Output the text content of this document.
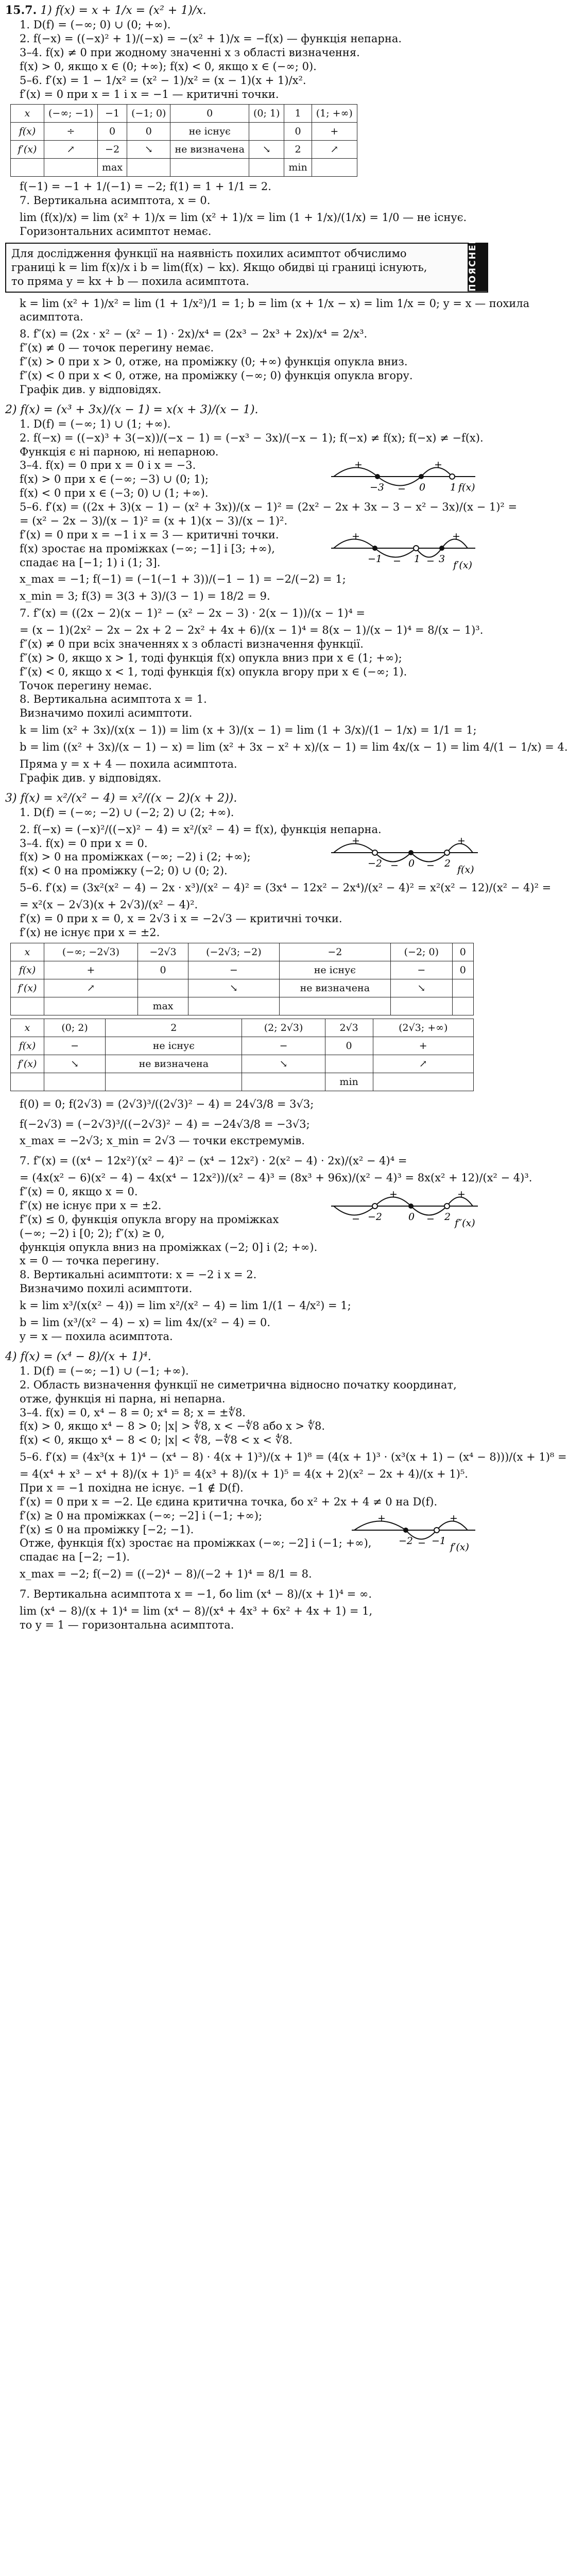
15.7. 1) f(x) = x + 1/x = (x² + 1)/x.
1. D(f) = (−∞; 0) ∪ (0; +∞).
2. f(−x) = ((−x)² + 1)/(−x) = −(x² + 1)/x = −f(x) — функція непарна.
3–4. f(x) ≠ 0 при жодному значенні x з області визначення.
f(x) > 0, якщо x ∈ (0; +∞); f(x) < 0, якщо x ∈ (−∞; 0).
5–6. f′(x) = 1 − 1/x² = (x² − 1)/x² = (x − 1)(x + 1)/x².
f′(x) = 0 при x = 1 і x = −1 — критичні точки.
x	(−∞; −1)	−1	(−1; 0)	0	(0; 1)	1	(1; +∞)
f(x)	÷	0	0	не існує		0	+
f′(x)	↗	−2	↘	не визначена	↘	2	↗
		max				min	
f(−1) = −1 + 1/(−1) = −2; f(1) = 1 + 1/1 = 2.
7. Вертикальна асимптота, x = 0.
lim (f(x)/x) = lim (x² + 1)/x = lim (x² + 1)/x = lim (1 + 1/x)/(1/x) = 1/0 — не існує.
Горизонтальних асимптот немає.	ПОЯСНЕННЯ
Для дослідження функції на наявність похилих асимптот обчислимо
границі k = lim f(x)/x і b = lim(f(x) − kx). Якщо обидві ці границі існують,
то пряма y = kx + b — похила асимптота.
k = lim (x² + 1)/x² = lim (1 + 1/x²)/1 = 1; b = lim (x + 1/x − x) = lim 1/x = 0; y = x — похила
асимптота.
8. f″(x) = (2x · x² − (x² − 1) · 2x)/x⁴ = (2x³ − 2x³ + 2x)/x⁴ = 2/x³.
f″(x) ≠ 0 — точок перегину немає.
f″(x) > 0 при x > 0, отже, на проміжку (0; +∞) функція опукла вниз.
f″(x) < 0 при x < 0, отже, на проміжку (−∞; 0) функція опукла вгору.
Графік див. у відповідях.
2) f(x) = (x³ + 3x)/(x − 1) = x(x + 3)/(x − 1).
1. D(f) = (−∞; 1) ∪ (1; +∞).
2. f(−x) = ((−x)³ + 3(−x))/(−x − 1) = (−x³ − 3x)/(−x − 1); f(−x) ≠ f(x); f(−x) ≠ −f(x).
Функція є ні парною, ні непарною.
3–4. f(x) = 0 при x = 0 і x = −3.
f(x) > 0 при x ∈ (−∞; −3) ∪ (0; 1);
f(x) < 0 при x ∈ (−3; 0) ∪ (1; +∞).
+
−
+
−3	0	1 f(x)
5–6. f′(x) = ((2x + 3)(x − 1) − (x² + 3x))/(x − 1)² = (2x² − 2x + 3x − 3 − x² − 3x)/(x − 1)² =
= (x² − 2x − 3)/(x − 1)² = (x + 1)(x − 3)/(x − 1)².
f′(x) = 0 при x = −1 і x = 3 — критичні точки.
f(x) зростає на проміжках (−∞; −1] і [3; +∞),
спадає на [−1; 1) і (1; 3].
+
−	−
+
−1	1 3
f′(x)
x_max = −1; f(−1) = (−1(−1 + 3))/(−1 − 1) = −2/(−2) = 1;
x_min = 3; f(3) = 3(3 + 3)/(3 − 1) = 18/2 = 9.
7. f″(x) = ((2x − 2)(x − 1)² − (x² − 2x − 3) · 2(x − 1))/(x − 1)⁴ =
= (x − 1)(2x² − 2x − 2x + 2 − 2x² + 4x + 6)/(x − 1)⁴ = 8(x − 1)/(x − 1)⁴ = 8/(x − 1)³.
f″(x) ≠ 0 при всіх значеннях x з області визначення функції.
f″(x) > 0, якщо x > 1, тоді функція f(x) опукла вниз при x ∈ (1; +∞);
f″(x) < 0, якщо x < 1, тоді функція f(x) опукла вгору при x ∈ (−∞; 1).
Точок перегину немає.
8. Вертикальна асимптота x = 1.
Визначимо похилі асимптоти.
k = lim (x² + 3x)/(x(x − 1)) = lim (x + 3)/(x − 1) = lim (1 + 3/x)/(1 − 1/x) = 1/1 = 1;
b = lim ((x² + 3x)/(x − 1) − x) = lim (x² + 3x − x² + x)/(x − 1) = lim 4x/(x − 1) = lim 4/(1 − 1/x) = 4.
Пряма y = x + 4 — похила асимптота.
Графік див. у відповідях.
3) f(x) = x²/(x² − 4) = x²/((x − 2)(x + 2)).
1. D(f) = (−∞; −2) ∪ (−2; 2) ∪ (2; +∞).
2. f(−x) = (−x)²/((−x)² − 4) = x²/(x² − 4) = f(x), функція непарна.
3–4. f(x) = 0 при x = 0.
f(x) > 0 на проміжках (−∞; −2) і (2; +∞);
f(x) < 0 на проміжку (−2; 0) ∪ (0; 2).
+
−	−
+
−2	0	2
f(x)
5–6. f′(x) = (3x²(x² − 4) − 2x · x³)/(x² − 4)² = (3x⁴ − 12x² − 2x⁴)/(x² − 4)² = x²(x² − 12)/(x² − 4)² =
= x²(x − 2√3)(x + 2√3)/(x² − 4)².
f′(x) = 0 при x = 0, x = 2√3 і x = −2√3 — критичні точки.
f′(x) не існує при x = ±2.
x	(−∞; −2√3)	−2√3	(−2√3; −2)	−2	(−2; 0)	0
f(x)	+	0	−	не існує	−	0
f′(x)	↗		↘	не визначена	↘	
		max				
x	(0; 2)	2	(2; 2√3)	2√3	(2√3; +∞)
f(x)	−	не існує	−	0	+
f′(x)	↘	не визначена	↘		↗
				min	
f(0) = 0; f(2√3) = (2√3)³/((2√3)² − 4) = 24√3/8 = 3√3;
f(−2√3) = (−2√3)³/((−2√3)² − 4) = −24√3/8 = −3√3;
x_max = −2√3; x_min = 2√3 — точки екстремумів.
7. f″(x) = ((x⁴ − 12x²)′(x² − 4)² − (x⁴ − 12x²) · 2(x² − 4) · 2x)/(x² − 4)⁴ =
= (4x(x² − 6)(x² − 4) − 4x(x⁴ − 12x²))/(x² − 4)³ = (8x³ + 96x)/(x² − 4)³ = 8x(x² + 12)/(x² − 4)³.
f″(x) = 0, якщо x = 0.
f″(x) не існує при x = ±2.
f″(x) ≤ 0, функція опукла вгору на проміжках
(−∞; −2) і [0; 2); f″(x) ≥ 0,
функція опукла вниз на проміжках (−2; 0] і (2; +∞).
x = 0 — точка перегину.
−
+
−
+
−2	0	2
f″(x)
8. Вертикальні асимптоти: x = −2 і x = 2.
Визначимо похилі асимптоти.
k = lim x³/(x(x² − 4)) = lim x²/(x² − 4) = lim 1/(1 − 4/x²) = 1;
b = lim (x³/(x² − 4) − x) = lim 4x/(x² − 4) = 0.
y = x — похила асимптота.
4) f(x) = (x⁴ − 8)/(x + 1)⁴.
1. D(f) = (−∞; −1) ∪ (−1; +∞).
2. Область визначення функції не симетрична відносно початку координат,
отже, функція ні парна, ні непарна.
3–4. f(x) = 0, x⁴ − 8 = 0; x⁴ = 8; x = ±∜8.
f(x) > 0, якщо x⁴ − 8 > 0; |x| > ∜8, x < −∜8 або x > ∜8.
f(x) < 0, якщо x⁴ − 8 < 0; |x| < ∜8, −∜8 < x < ∜8.
5–6. f′(x) = (4x³(x + 1)⁴ − (x⁴ − 8) · 4(x + 1)³)/(x + 1)⁸ = (4(x + 1)³ · (x³(x + 1) − (x⁴ − 8)))/(x + 1)⁸ =
= 4(x⁴ + x³ − x⁴ + 8)/(x + 1)⁵ = 4(x³ + 8)/(x + 1)⁵ = 4(x + 2)(x² − 2x + 4)/(x + 1)⁵.
При x = −1 похідна не існує. −1 ∉ D(f).
f′(x) = 0 при x = −2. Це єдина критична точка, бо x² + 2x + 4 ≠ 0 на D(f).
f′(x) ≥ 0 на проміжках (−∞; −2] і (−1; +∞);
f′(x) ≤ 0 на проміжку [−2; −1).
Отже, функція f(x) зростає на проміжках (−∞; −2] і (−1; +∞),
спадає на [−2; −1).
+
−
+
−2 −1
f′(x)
x_max = −2; f(−2) = ((−2)⁴ − 8)/(−2 + 1)⁴ = 8/1 = 8.
7. Вертикальна асимптота x = −1, бо lim (x⁴ − 8)/(x + 1)⁴ = ∞.
lim (x⁴ − 8)/(x + 1)⁴ = lim (x⁴ − 8)/(x⁴ + 4x³ + 6x² + 4x + 1) = 1,
то y = 1 — горизонтальна асимптота.
